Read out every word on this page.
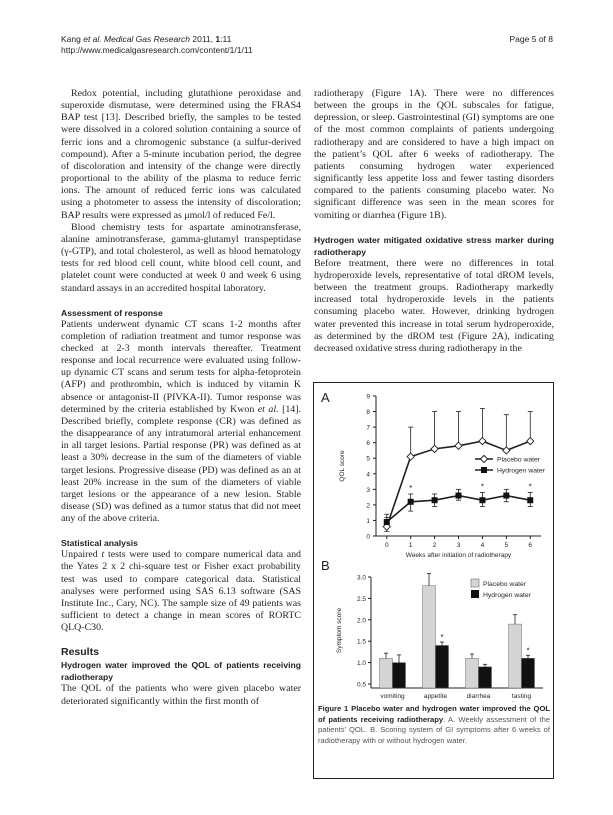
Kang et al. Medical Gas Research 2011, 1:11
http://www.medicalgasresearch.com/content/1/1/11
Page 5 of 8

Redox potential, including glutathione peroxidase and superoxide dismutase, were determined using the FRAS4 BAP test [13]. Described briefly, the samples to be tested were dissolved in a colored solution containing a source of ferric ions and a chromogenic substance (a sulfur-derived compound). After a 5-minute incubation period, the degree of discoloration and intensity of the change were directly proportional to the ability of the plasma to reduce ferric ions. The amount of reduced ferric ions was calculated using a photometer to assess the intensity of discoloration; BAP results were expressed as μmol/l of reduced Fe/l.

Blood chemistry tests for aspartate aminotransferase, alanine aminotransferase, gamma-glutamyl transpeptidase (γ-GTP), and total cholesterol, as well as blood hematology tests for red blood cell count, white blood cell count, and platelet count were conducted at week 0 and week 6 using standard assays in an accredited hospital laboratory.

Assessment of response

Patients underwent dynamic CT scans 1-2 months after completion of radiation treatment and tumor response was checked at 2-3 month intervals thereafter. Treatment response and local recurrence were evaluated using follow-up dynamic CT scans and serum tests for alpha-fetoprotein (AFP) and prothrombin, which is induced by vitamin K absence or antagonist-II (PIVKA-II). Tumor response was determined by the criteria established by Kwon et al. [14]. Described briefly, complete response (CR) was defined as the disappearance of any intratumoral arterial enhancement in all target lesions. Partial response (PR) was defined as at least a 30% decrease in the sum of the diameters of viable target lesions. Progressive disease (PD) was defined as an at least 20% increase in the sum of the diameters of viable target lesions or the appearance of a new lesion. Stable disease (SD) was defined as a tumor status that did not meet any of the above criteria.

Statistical analysis

Unpaired t tests were used to compare numerical data and the Yates 2 x 2 chi-square test or Fisher exact probability test was used to compare categorical data. Statistical analyses were performed using SAS 6.13 software (SAS Institute Inc., Cary, NC). The sample size of 49 patients was sufficient to detect a change in mean scores of RORTC QLQ-C30.

Results
Hydrogen water improved the QOL of patients receiving radiotherapy

The QOL of the patients who were given placebo water deteriorated significantly within the first month of

radiotherapy (Figure 1A). There were no differences between the groups in the QOL subscales for fatigue, depression, or sleep. Gastrointestinal (GI) symptoms are one of the most common complaints of patients undergoing radiotherapy and are considered to have a high impact on the patient’s QOL after 6 weeks of radiotherapy. The patients consuming hydrogen water experienced significantly less appetite loss and fewer tasting disorders compared to the patients consuming placebo water. No significant difference was seen in the mean scores for vomiting or diarrhea (Figure 1B).

Hydrogen water mitigated oxidative stress marker during radiotherapy

Before treatment, there were no differences in total hydroperoxide levels, representative of total dROM levels, between the treatment groups. Radiotherapy markedly increased total hydroperoxide levels in the patients consuming placebo water. However, drinking hydrogen water prevented this increase in total serum hydroperoxide, as determined by the dROM test (Figure 2A), indicating decreased oxidative stress during radiotherapy in the

A
0
1
2
3
4
5
6
7
8
9
0	1	2	3	4	5	6
QOL score
Weeks after initiation of radiotherapy
*	*	*
Placebo water
Hydrogen water
B
0.5
1.0
1.5
2.0
2.5
3.0
Symptom score
vomiting
*
appetite	diarrhea
*
tasting
Placebo water
Hydrogen water
Figure 1 Placebo water and hydrogen water improved the QOL of patients receiving radiotherapy. A. Weekly assessment of the patients’ QOL. B. Scoring system of GI symptoms after 6 weeks of radiotherapy with or without hydrogen water.
